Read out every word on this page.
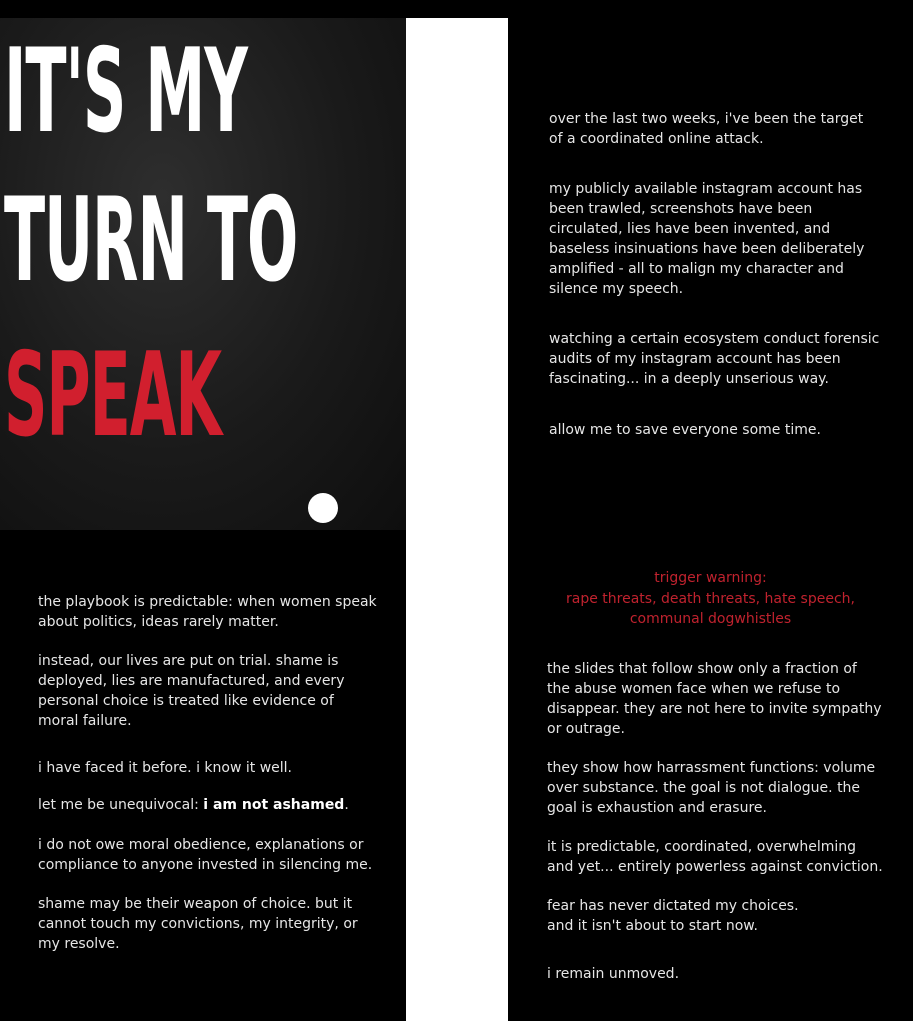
IT'S MY
TURN TO
SPEAK

over the last two weeks, i've been the target
of a coordinated online attack.

my publicly available instagram account has
been trawled, screenshots have been
circulated, lies have been invented, and
baseless insinuations have been deliberately
amplified - all to malign my character and
silence my speech.

watching a certain ecosystem conduct forensic
audits of my instagram account has been
fascinating... in a deeply unserious way.

allow me to save everyone some time.

the playbook is predictable: when women speak
about politics, ideas rarely matter.

instead, our lives are put on trial. shame is
deployed, lies are manufactured, and every
personal choice is treated like evidence of
moral failure.

i have faced it before. i know it well.

let me be unequivocal: i am not ashamed.

i do not owe moral obedience, explanations or
compliance to anyone invested in silencing me.

shame may be their weapon of choice. but it
cannot touch my convictions, my integrity, or
my resolve.

trigger warning:

rape threats, death threats, hate speech,

communal dogwhistles

the slides that follow show only a fraction of
the abuse women face when we refuse to
disappear. they are not here to invite sympathy
or outrage.

they show how harrassment functions: volume
over substance. the goal is not dialogue. the
goal is exhaustion and erasure.

it is predictable, coordinated, overwhelming
and yet... entirely powerless against conviction.

fear has never dictated my choices.
and it isn't about to start now.

i remain unmoved.
